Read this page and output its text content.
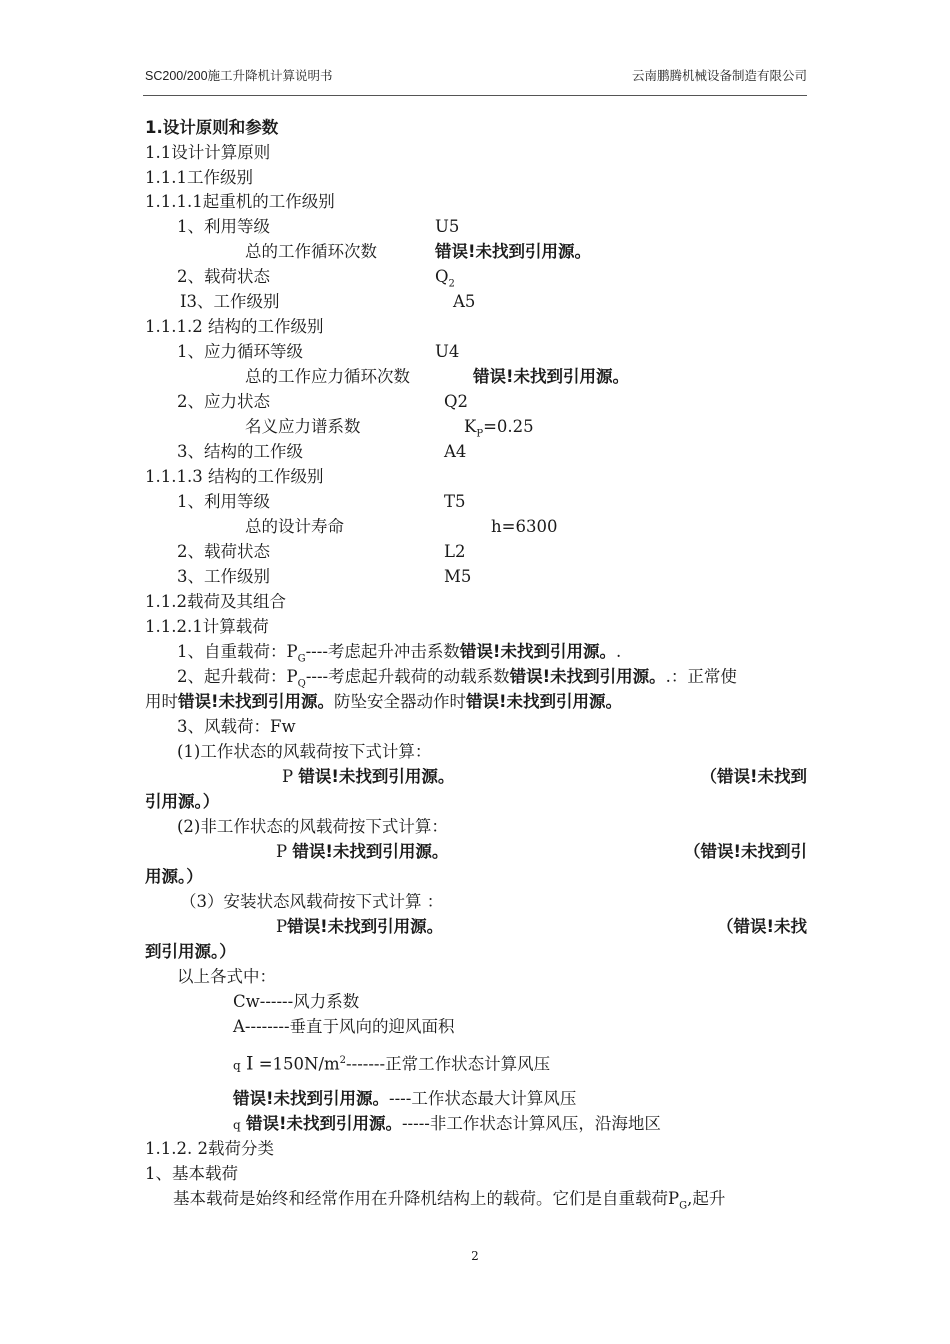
SC200/200施工升降机计算说明书	云南鹏腾机械设备制造有限公司
1.设计原则和参数
1.1设计计算原则
1.1.1工作级别
1.1.1.1起重机的工作级别
1、利用等级	U5
总的工作循环次数	错误!未找到引用源。
2、载荷状态	$Q_2$
I3、工作级别	A5
1.1.1.2 结构的工作级别
1、应力循环等级	U4
总的工作应力循环次数	错误!未找到引用源。
2、应力状态	Q2
名义应力谱系数	$K_P=0.25$
3、结构的工作级	A4
1.1.1.3 结构的工作级别
1、利用等级	T5
总的设计寿命	h=6300
2、载荷状态	L2
3、工作级别	M5
1.1.2载荷及其组合
1.1.2.1计算载荷
1、自重载荷：$P_G----$考虑起升冲击系数错误!未找到引用源。.
2、起升载荷：$P_Q----$考虑起升载荷的动载系数错误!未找到引用源。.：正常使
用时错误!未找到引用源。防坠安全器动作时错误!未找到引用源。
3、风载荷：Fw
(1)工作状态的风载荷按下式计算：
P 错误!未找到引用源。	（错误!未找到
引用源。）
(2)非工作状态的风载荷按下式计算：
P 错误!未找到引用源。	（错误!未找到引
用源。）
（3）安装状态风载荷按下式计算 ：
P错误!未找到引用源。	（错误!未找
到引用源。）
以上各式中：
Cw------风力系数
A--------垂直于风向的迎风面积
q $I =150N/m^2-------$正常工作状态计算风压
错误!未找到引用源。----工作状态最大计算风压
q 错误!未找到引用源。-----非工作状态计算风压，沿海地区
1.1.2. 2载荷分类
1、基本载荷
基本载荷是始终和经常作用在升降机结构上的载荷。它们是自重载荷$P_G$,起升
2
